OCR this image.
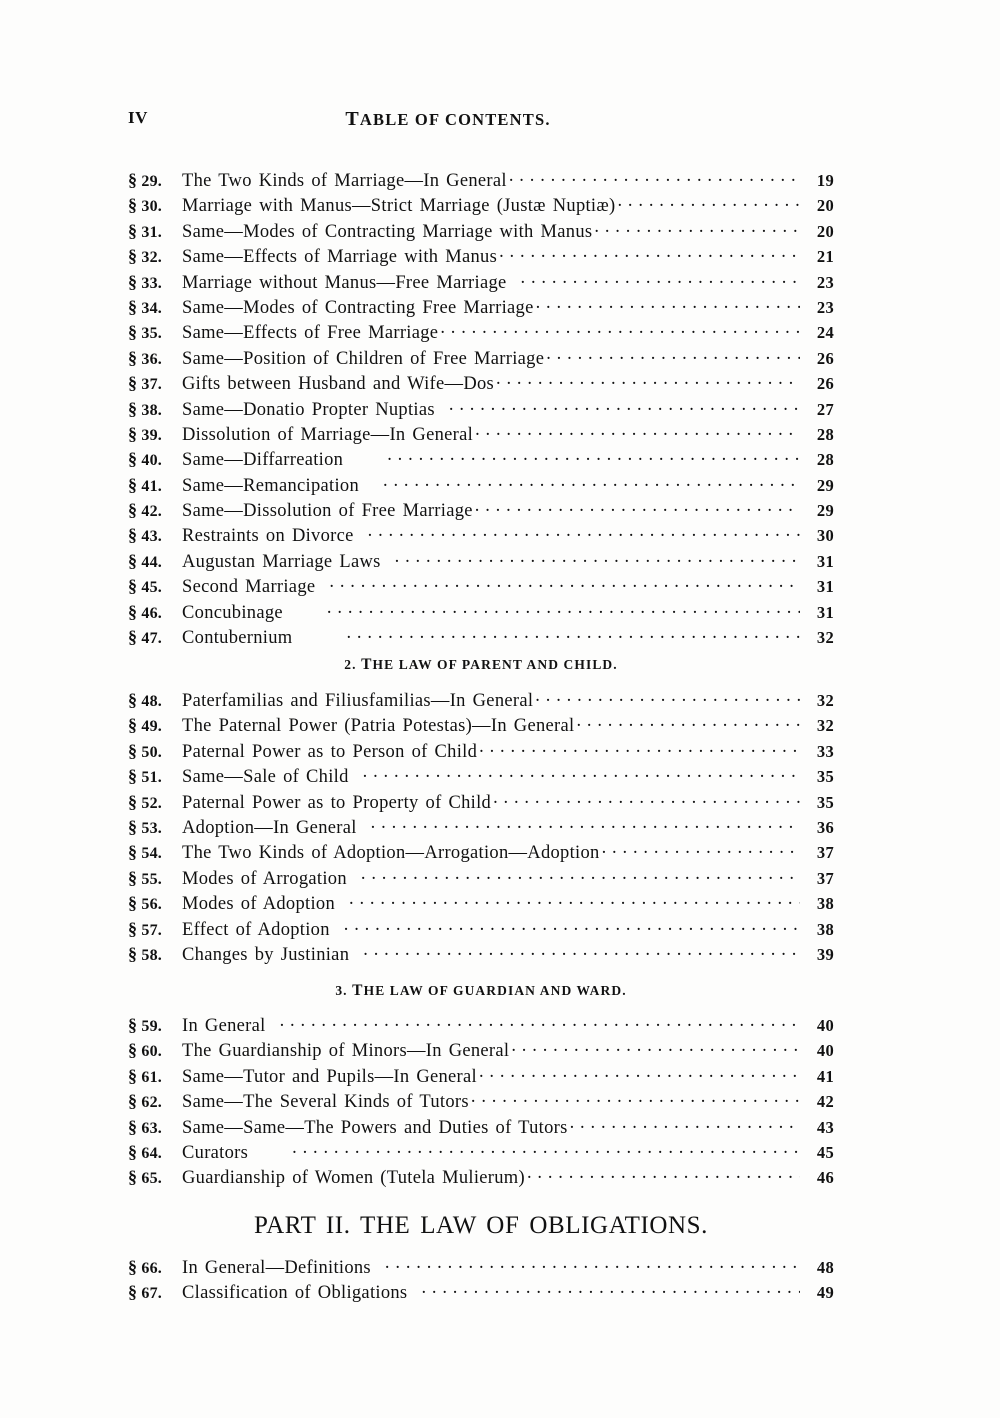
IV	TABLE OF CONTENTS.
§ 29.	The Two Kinds of Marriage—In General . . .	19
§ 30.	Marriage with Manus—Strict Marriage (Justæ Nuptiæ) . . .	20
§ 31.	Same—Modes of Contracting Marriage with Manus . . .	20
§ 32.	Same—Effects of Marriage with Manus . . .	21
§ 33.	Marriage without Manus—Free Marriage . . .	23
§ 34.	Same—Modes of Contracting Free Marriage . . .	23
§ 35.	Same—Effects of Free Marriage . . .	24
§ 36.	Same—Position of Children of Free Marriage . . .	26
§ 37.	Gifts between Husband and Wife—Dos . . .	26
§ 38.	Same—Donatio Propter Nuptias . . .	27
§ 39.	Dissolution of Marriage—In General . . .	28
§ 40.	Same—Diffarreation . . .	28
§ 41.	Same—Remancipation . . .	29
§ 42.	Same—Dissolution of Free Marriage . . .	29
§ 43.	Restraints on Divorce . . .	30
§ 44.	Augustan Marriage Laws . . .	31
§ 45.	Second Marriage . . .	31
§ 46.	Concubinage . . .	31
§ 47.	Contubernium . . .	32
2. THE LAW OF PARENT AND CHILD.
§ 48.	Paterfamilias and Filiusfamilias—In General . . .	32
§ 49.	The Paternal Power (Patria Potestas)—In General . . .	32
§ 50.	Paternal Power as to Person of Child . . .	33
§ 51.	Same—Sale of Child . . .	35
§ 52.	Paternal Power as to Property of Child . . .	35
§ 53.	Adoption—In General . . .	36
§ 54.	The Two Kinds of Adoption—Arrogation—Adoption . . .	37
§ 55.	Modes of Arrogation . . .	37
§ 56.	Modes of Adoption . . .	38
§ 57.	Effect of Adoption . . .	38
§ 58.	Changes by Justinian . . .	39
3. THE LAW OF GUARDIAN AND WARD.
§ 59.	In General . . .	40
§ 60.	The Guardianship of Minors—In General . . .	40
§ 61.	Same—Tutor and Pupils—In General . . .	41
§ 62.	Same—The Several Kinds of Tutors . . .	42
§ 63.	Same—Same—The Powers and Duties of Tutors . . .	43
§ 64.	Curators . . .	45
§ 65.	Guardianship of Women (Tutela Mulierum) . . .	46
PART II. THE LAW OF OBLIGATIONS.
§ 66.	In General—Definitions . . .	48
§ 67.	Classification of Obligations . . .	49
